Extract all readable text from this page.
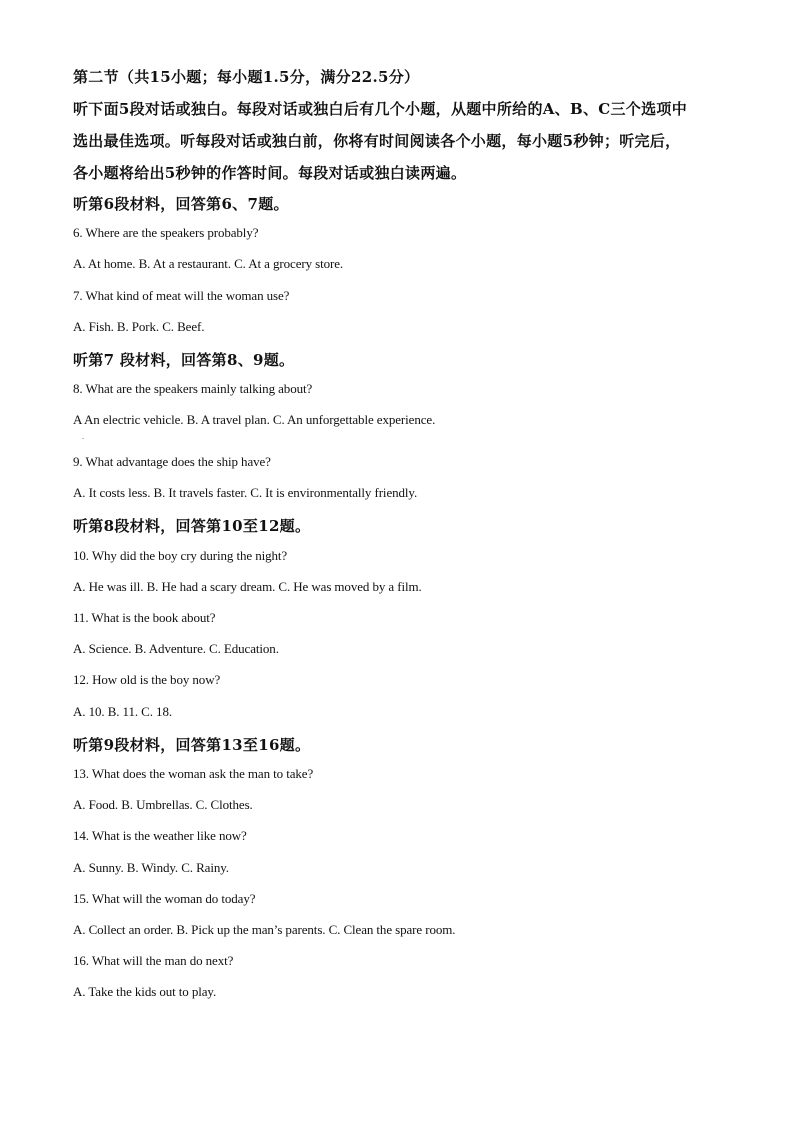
第二节（共15小题；每小题1.5分，满分22.5分）
听下面5段对话或独白。每段对话或独白后有几个小题，从题中所给的A、B、C三个选项中
选出最佳选项。听每段对话或独白前，你将有时间阅读各个小题，每小题5秒钟；听完后，
各小题将给出5秒钟的作答时间。每段对话或独白读两遍。
听第6段材料，回答第6、7题。
6. Where are the speakers probably?
A. At home. B. At a restaurant. C. At a grocery store.
7. What kind of meat will the woman use?
A. Fish. B. Pork. C. Beef.
听第7 段材料，回答第8、9题。
8. What are the speakers mainly talking about?
A An electric vehicle. B. A travel plan. C. An unforgettable experience.
.
9. What advantage does the ship have?
A. It costs less. B. It travels faster. C. It is environmentally friendly.
听第8段材料，回答第10至12题。
10. Why did the boy cry during the night?
A. He was ill. B. He had a scary dream. C. He was moved by a film.
11. What is the book about?
A. Science. B. Adventure. C. Education.
12. How old is the boy now?
A. 10. B. 11. C. 18.
听第9段材料，回答第13至16题。
13. What does the woman ask the man to take?
A. Food. B. Umbrellas. C. Clothes.
14. What is the weather like now?
A. Sunny. B. Windy. C. Rainy.
15. What will the woman do today?
A. Collect an order. B. Pick up the man’s parents. C. Clean the spare room.
16. What will the man do next?
A. Take the kids out to play.
